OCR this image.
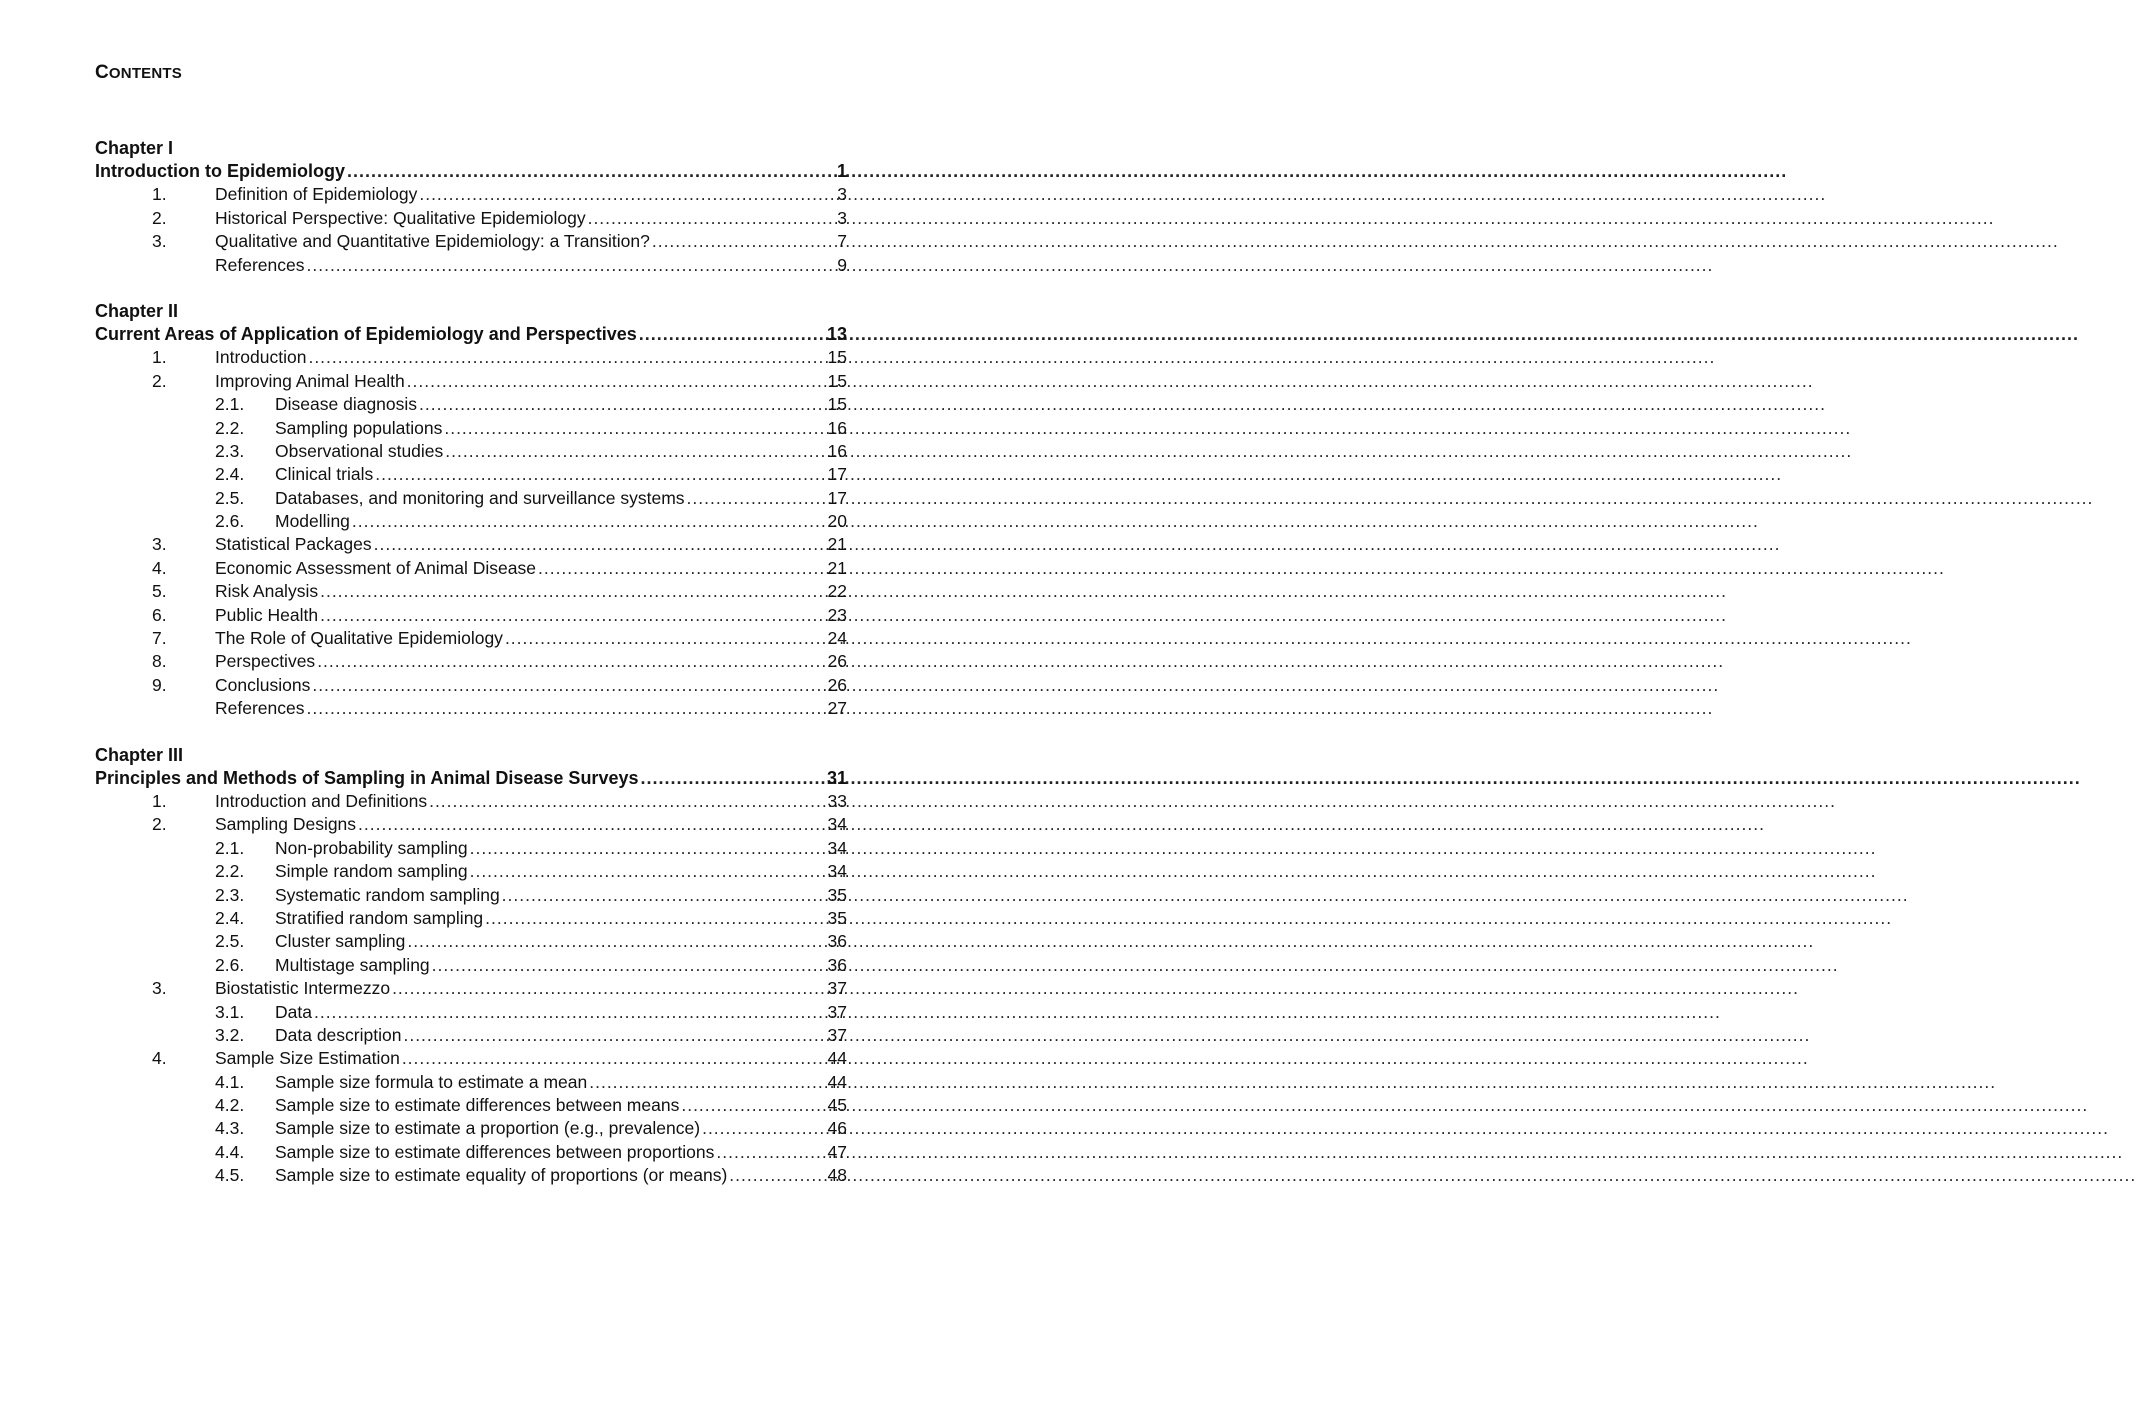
CONTENTS
Chapter I
Introduction to Epidemiology .....	1
1.	Definition of Epidemiology .....	3
2.	Historical Perspective: Qualitative Epidemiology .....	3
3.	Qualitative and Quantitative Epidemiology: a Transition? .....	7
References .....	9
Chapter II
Current Areas of Application of Epidemiology and Perspectives .....	13
1.	Introduction .....	15
2.	Improving Animal Health .....	15
2.1.	Disease diagnosis .....	15
2.2.	Sampling populations .....	16
2.3.	Observational studies .....	16
2.4.	Clinical trials .....	17
2.5.	Databases, and monitoring and surveillance systems .....	17
2.6.	Modelling .....	20
3.	Statistical Packages .....	21
4.	Economic Assessment of Animal Disease .....	21
5.	Risk Analysis .....	22
6.	Public Health .....	23
7.	The Role of Qualitative Epidemiology .....	24
8.	Perspectives .....	26
9.	Conclusions .....	26
References .....	27
Chapter III
Principles and Methods of Sampling in Animal Disease Surveys .....	31
1.	Introduction and Definitions .....	33
2.	Sampling Designs .....	34
2.1.	Non-probability sampling .....	34
2.2.	Simple random sampling .....	34
2.3.	Systematic random sampling .....	35
2.4.	Stratified random sampling .....	35
2.5.	Cluster sampling .....	36
2.6.	Multistage sampling .....	36
3.	Biostatistic Intermezzo .....	37
3.1.	Data .....	37
3.2.	Data description .....	37
4.	Sample Size Estimation .....	44
4.1.	Sample size formula to estimate a mean .....	44
4.2.	Sample size to estimate differences between means .....	45
4.3.	Sample size to estimate a proportion (e.g., prevalence) .....	46
4.4.	Sample size to estimate differences between proportions .....	47
4.5.	Sample size to estimate equality of proportions (or means) .....	48
